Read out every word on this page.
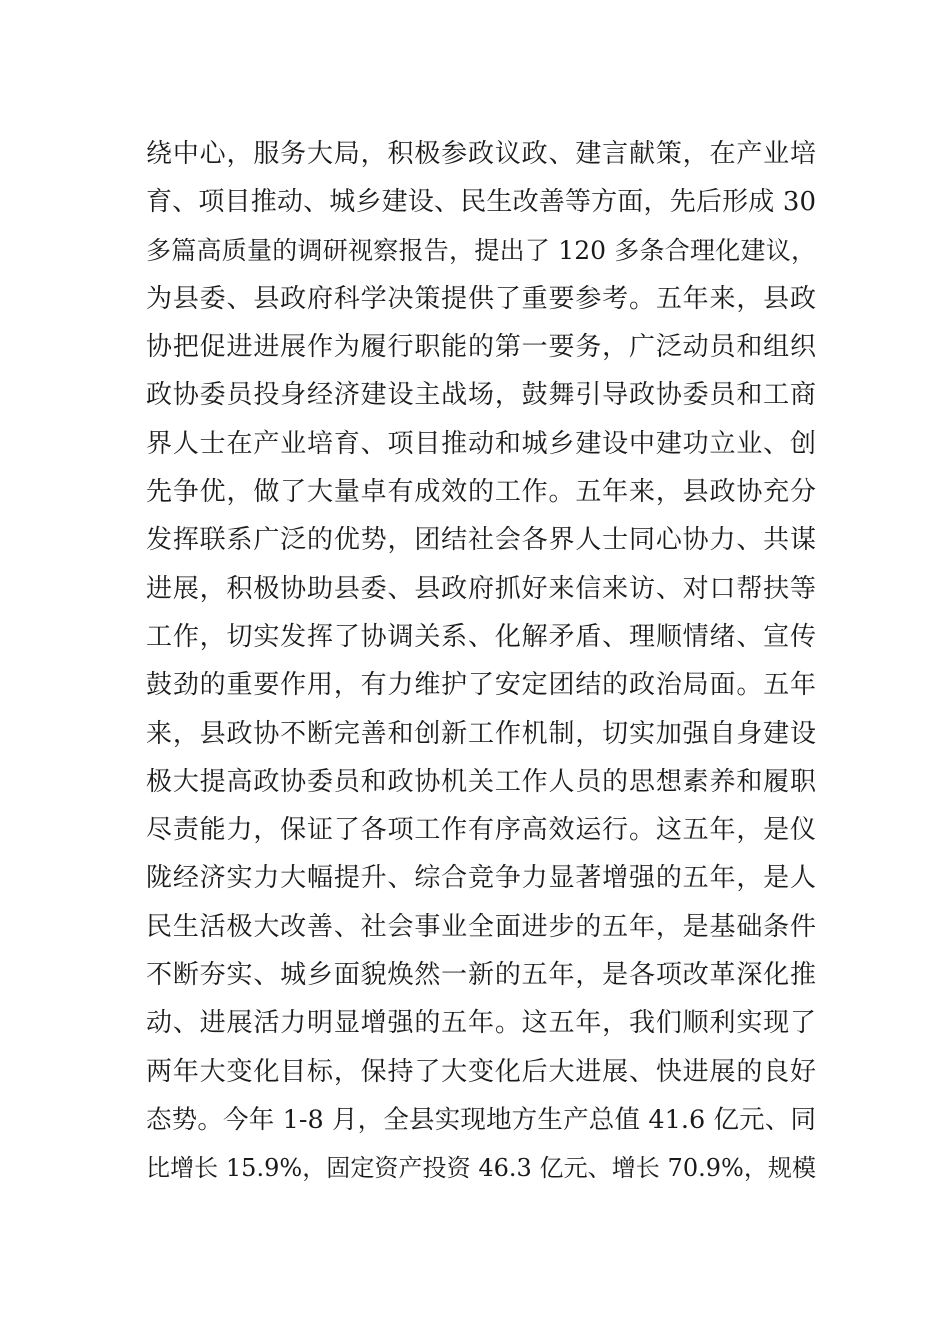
绕中心，服务大局，积极参政议政、建言献策，在产业培
育、项目推动、城乡建设、民生改善等方面，先后形成 30
多篇高质量的调研视察报告，提出了 120 多条合理化建议，
为县委、县政府科学决策提供了重要参考。五年来，县政
协把促进进展作为履行职能的第一要务，广泛动员和组织
政协委员投身经济建设主战场，鼓舞引导政协委员和工商
界人士在产业培育、项目推动和城乡建设中建功立业、创
先争优，做了大量卓有成效的工作。五年来，县政协充分
发挥联系广泛的优势，团结社会各界人士同心协力、共谋
进展，积极协助县委、县政府抓好来信来访、对口帮扶等
工作，切实发挥了协调关系、化解矛盾、理顺情绪、宣传
鼓劲的重要作用，有力维护了安定团结的政治局面。五年
来，县政协不断完善和创新工作机制，切实加强自身建设
极大提高政协委员和政协机关工作人员的思想素养和履职
尽责能力，保证了各项工作有序高效运行。这五年，是仪
陇经济实力大幅提升、综合竞争力显著增强的五年，是人
民生活极大改善、社会事业全面进步的五年，是基础条件
不断夯实、城乡面貌焕然一新的五年，是各项改革深化推
动、进展活力明显增强的五年。这五年，我们顺利实现了
两年大变化目标，保持了大变化后大进展、快进展的良好
态势。今年 1-8 月，全县实现地方生产总值 41.6 亿元、同
比增长 15.9%，固定资产投资 46.3 亿元、增长 70.9%，规模
